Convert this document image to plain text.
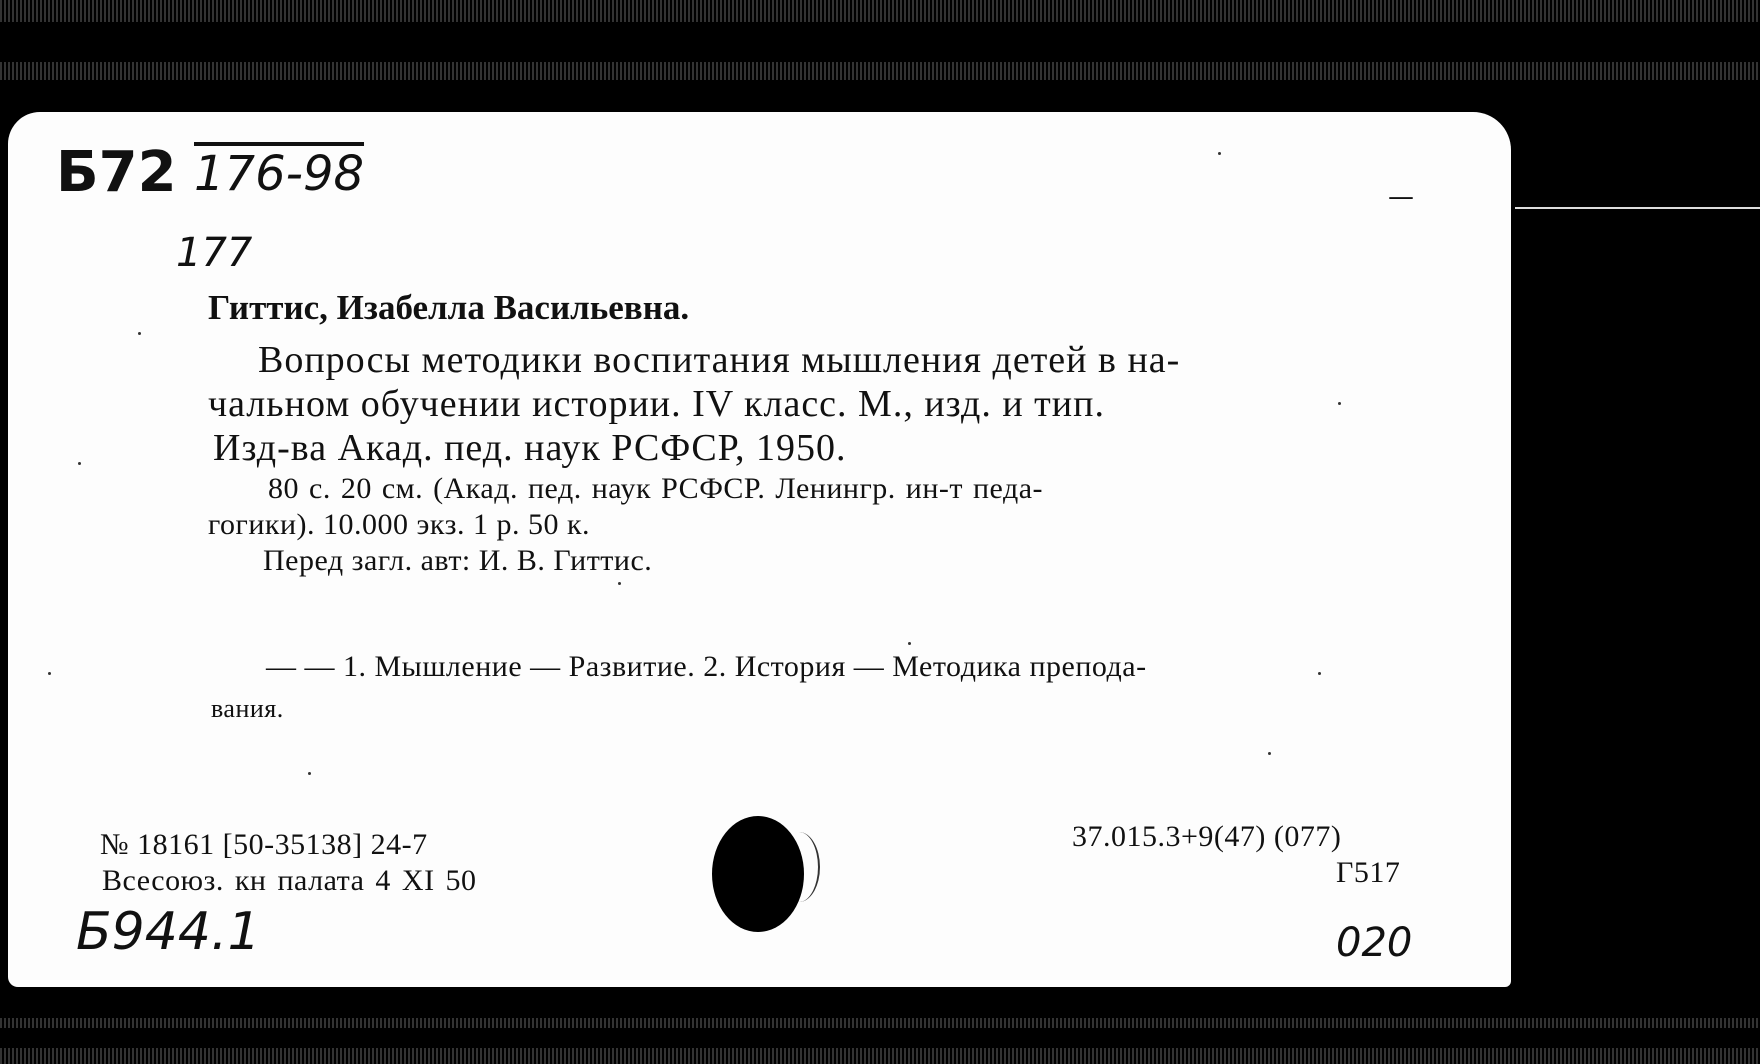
Б72 176-98
177
—
Гиттис, Изабелла Васильевна.
Вопросы методики воспитания мышления детей в на-
чальном обучении истории. IV класс. М., изд. и тип.
Изд-ва Акад. пед. наук РСФСР, 1950.
80 с. 20 см. (Акад. пед. наук РСФСР. Ленингр. ин-т педа-
гогики). 10.000 экз. 1 р. 50 к.
Перед загл. авт: И. В. Гиттис.
— — 1. Мышление — Развитие. 2. История — Методика препода-
вания.
№ 18161 [50-35138] 24-7
Всесоюз. кн палата 4 XI 50
37.015.3+9(47) (077)
Г517
Б944.1	020
